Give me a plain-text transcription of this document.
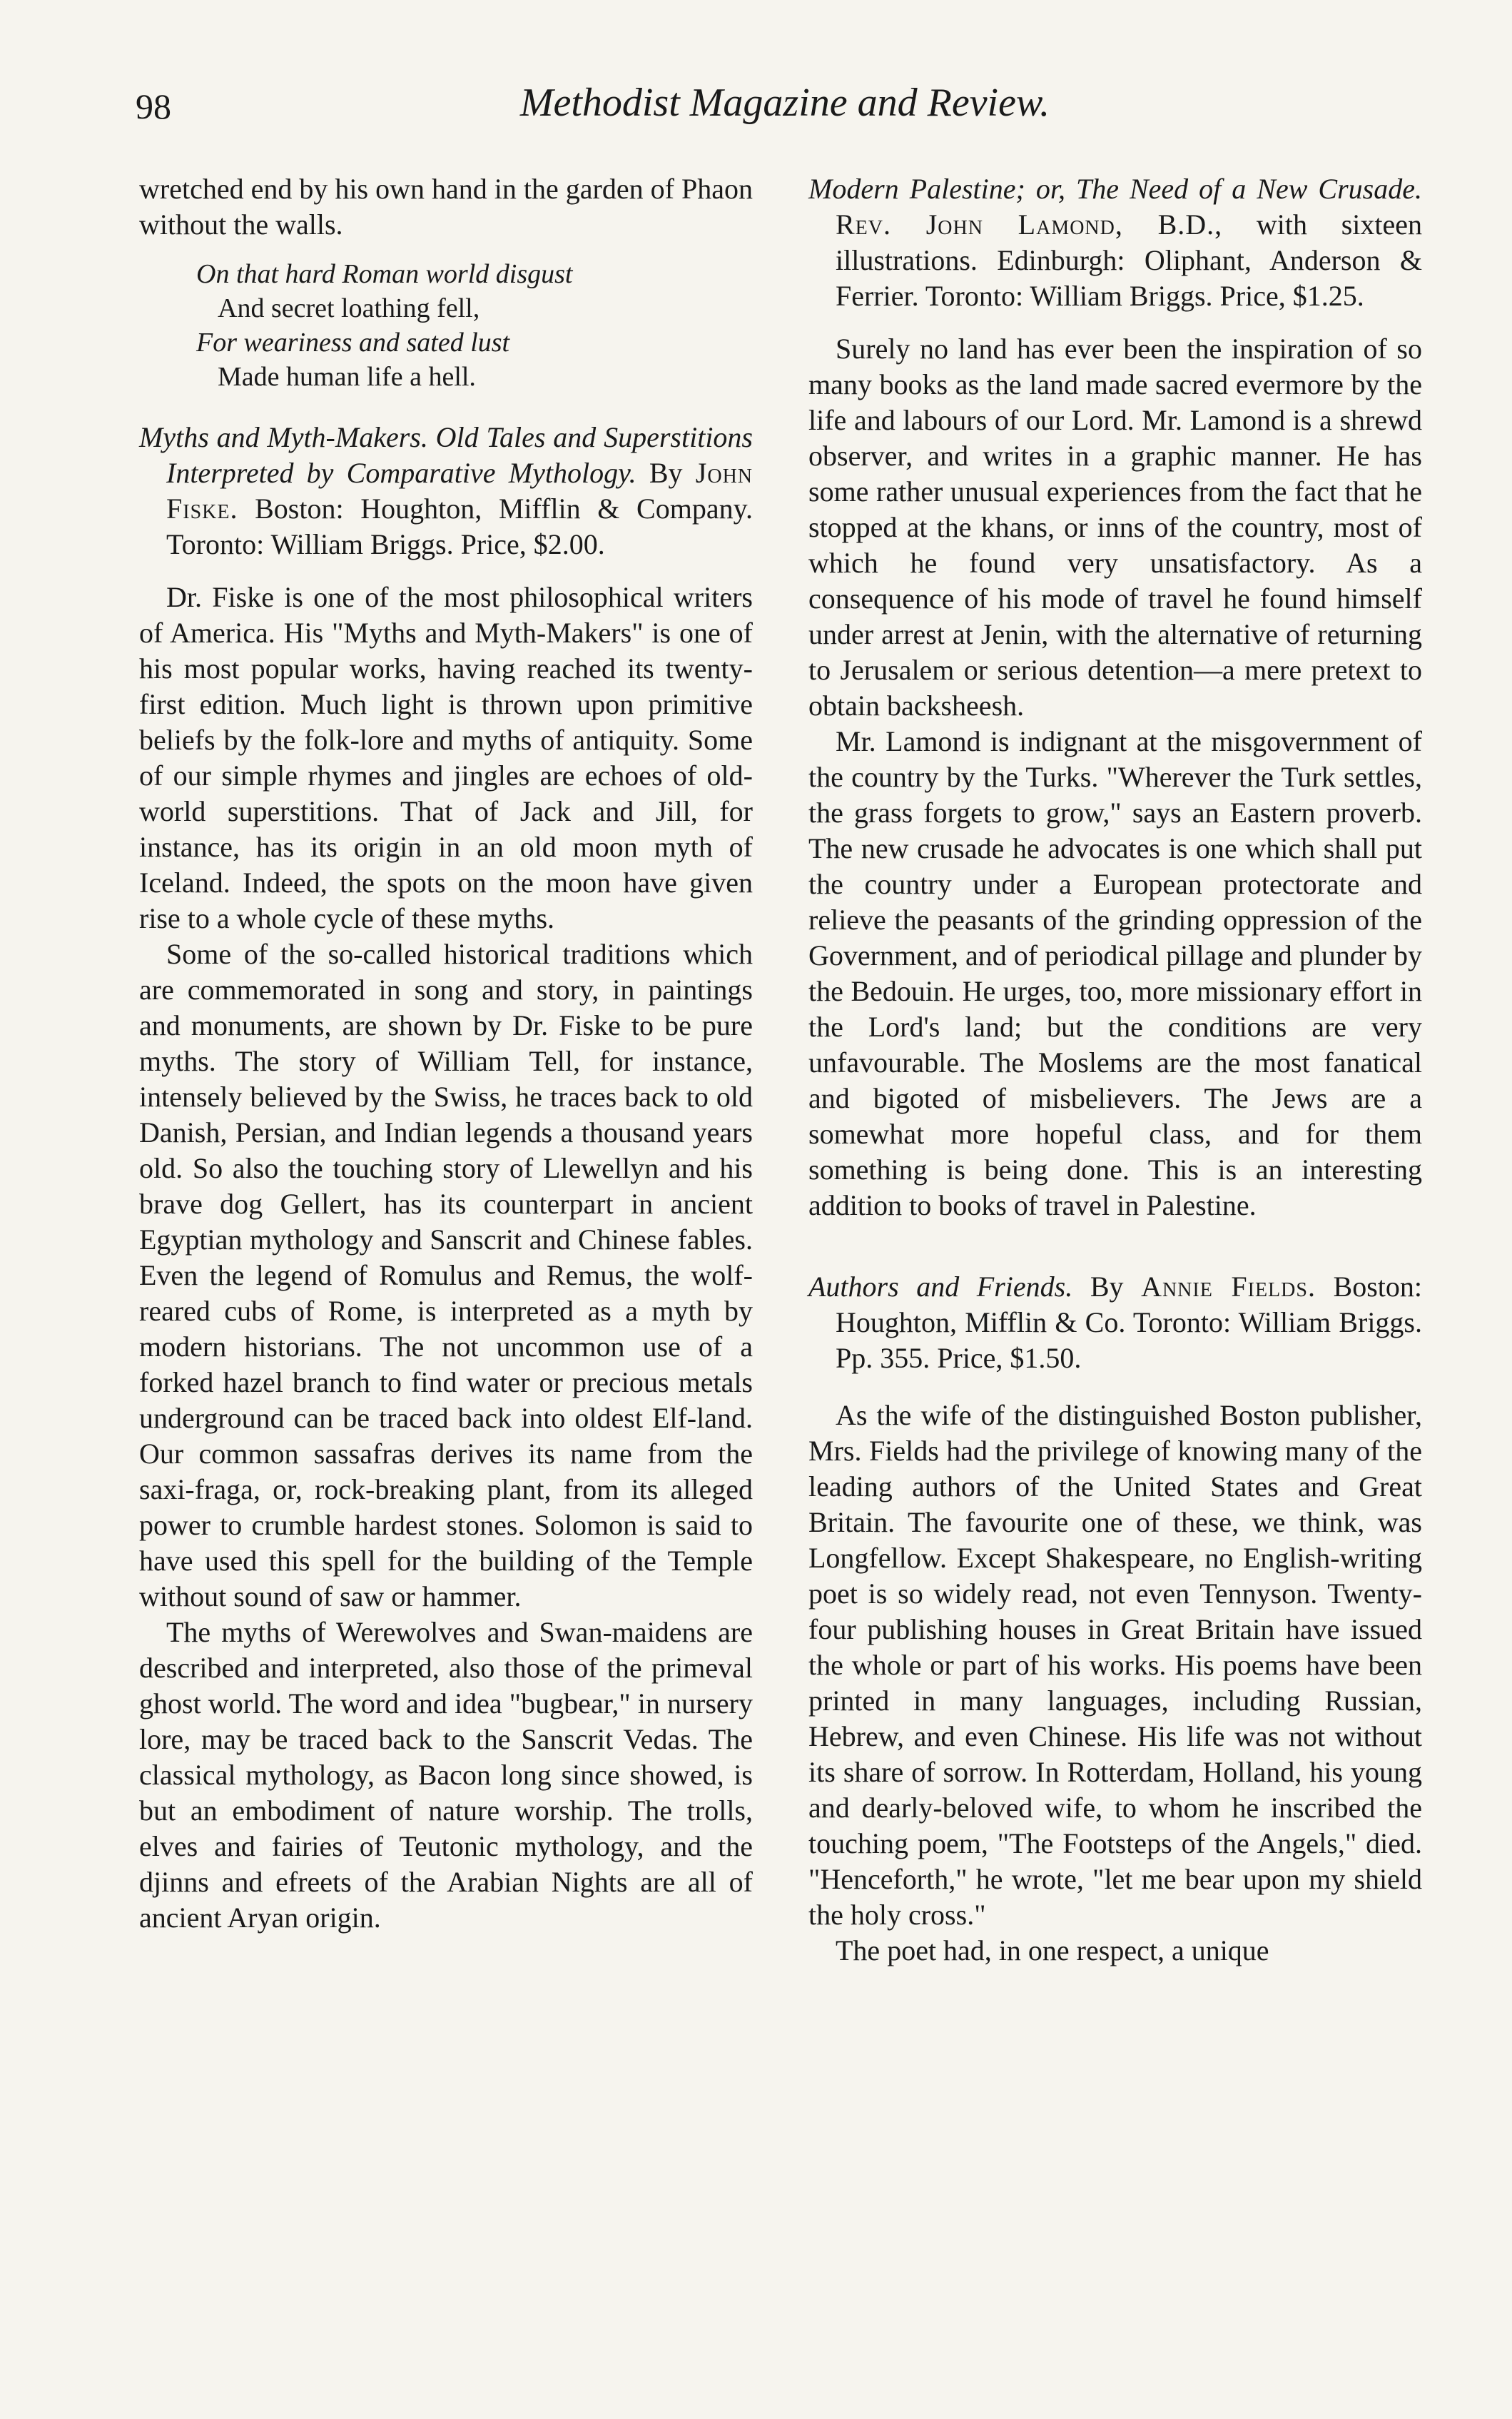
98	Methodist Magazine and Review.

wretched end by his own hand in the garden of Phaon without the walls.

On that hard Roman world disgust
And secret loathing fell,
For weariness and sated lust
Made human life a hell.

Myths and Myth-Makers. Old Tales and Superstitions Interpreted by Comparative Mythology. By John Fiske. Boston: Houghton, Mifflin & Company. Toronto: William Briggs. Price, $2.00.

Dr. Fiske is one of the most philosophical writers of America. His "Myths and Myth-Makers" is one of his most popular works, having reached its twenty-first edition. Much light is thrown upon primitive beliefs by the folk-lore and myths of antiquity. Some of our simple rhymes and jingles are echoes of old-world superstitions. That of Jack and Jill, for instance, has its origin in an old moon myth of Iceland. Indeed, the spots on the moon have given rise to a whole cycle of these myths.

Some of the so-called historical traditions which are commemorated in song and story, in paintings and monuments, are shown by Dr. Fiske to be pure myths. The story of William Tell, for instance, intensely believed by the Swiss, he traces back to old Danish, Persian, and Indian legends a thousand years old. So also the touching story of Llewellyn and his brave dog Gellert, has its counterpart in ancient Egyptian mythology and Sanscrit and Chinese fables. Even the legend of Romulus and Remus, the wolf-reared cubs of Rome, is interpreted as a myth by modern historians. The not uncommon use of a forked hazel branch to find water or precious metals underground can be traced back into oldest Elf-land. Our common sassafras derives its name from the saxi-fraga, or, rock-breaking plant, from its alleged power to crumble hardest stones. Solomon is said to have used this spell for the building of the Temple without sound of saw or hammer.

The myths of Werewolves and Swan-maidens are described and interpreted, also those of the primeval ghost world. The word and idea "bugbear," in nursery lore, may be traced back to the Sanscrit Vedas. The classical mythology, as Bacon long since showed, is but an embodiment of nature worship. The trolls, elves and fairies of Teutonic mythology, and the djinns and efreets of the Arabian Nights are all of ancient Aryan origin.

Modern Palestine; or, The Need of a New Crusade. Rev. John Lamond, B.D., with sixteen illustrations. Edinburgh: Oliphant, Anderson & Ferrier. Toronto: William Briggs. Price, $1.25.

Surely no land has ever been the inspiration of so many books as the land made sacred evermore by the life and labours of our Lord. Mr. Lamond is a shrewd observer, and writes in a graphic manner. He has some rather unusual experiences from the fact that he stopped at the khans, or inns of the country, most of which he found very unsatisfactory. As a consequence of his mode of travel he found himself under arrest at Jenin, with the alternative of returning to Jerusalem or serious detention—a mere pretext to obtain backsheesh.

Mr. Lamond is indignant at the misgovernment of the country by the Turks. "Wherever the Turk settles, the grass forgets to grow," says an Eastern proverb. The new crusade he advocates is one which shall put the country under a European protectorate and relieve the peasants of the grinding oppression of the Government, and of periodical pillage and plunder by the Bedouin. He urges, too, more missionary effort in the Lord's land; but the conditions are very unfavourable. The Moslems are the most fanatical and bigoted of misbelievers. The Jews are a somewhat more hopeful class, and for them something is being done. This is an interesting addition to books of travel in Palestine.

Authors and Friends. By Annie Fields. Boston: Houghton, Mifflin & Co. Toronto: William Briggs. Pp. 355. Price, $1.50.

As the wife of the distinguished Boston publisher, Mrs. Fields had the privilege of knowing many of the leading authors of the United States and Great Britain. The favourite one of these, we think, was Longfellow. Except Shakespeare, no English-writing poet is so widely read, not even Tennyson. Twenty-four publishing houses in Great Britain have issued the whole or part of his works. His poems have been printed in many languages, including Russian, Hebrew, and even Chinese. His life was not without its share of sorrow. In Rotterdam, Holland, his young and dearly-beloved wife, to whom he inscribed the touching poem, "The Footsteps of the Angels," died. "Henceforth," he wrote, "let me bear upon my shield the holy cross."

The poet had, in one respect, a unique
